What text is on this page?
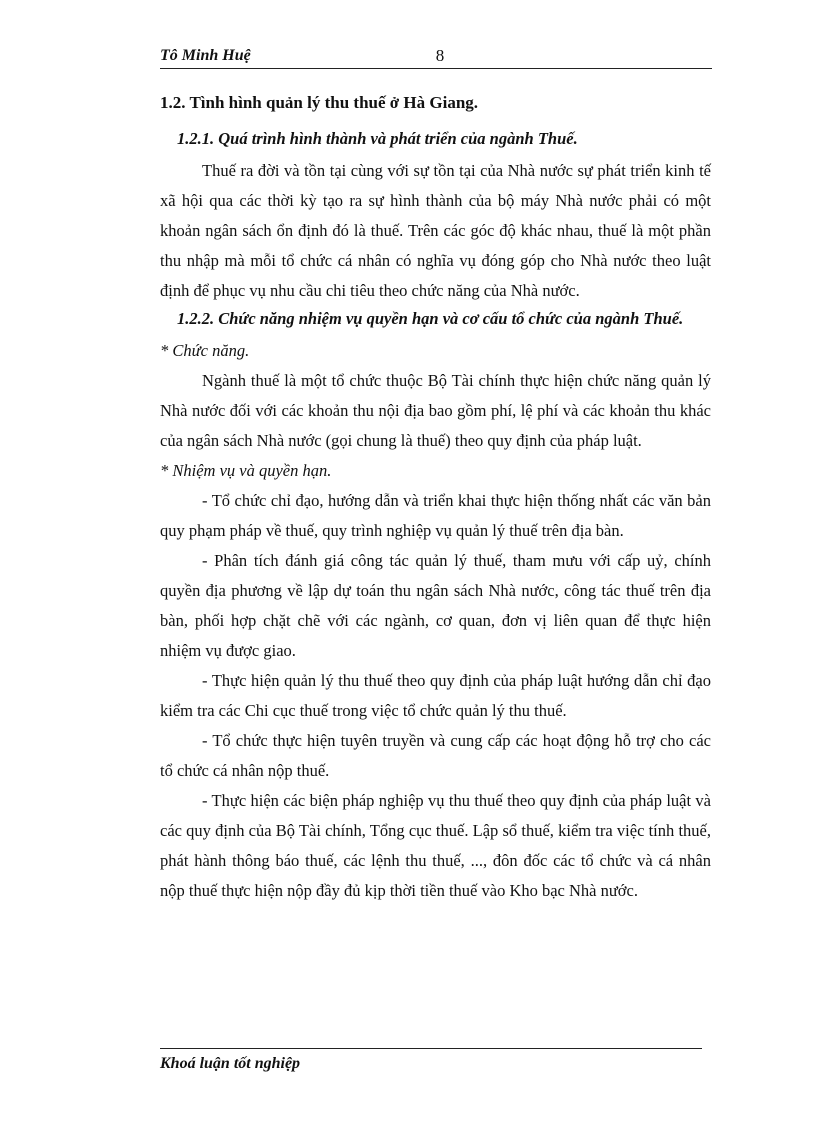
Tô Minh Huệ	8

1.2. Tình hình quản lý thu thuế ở Hà Giang.

1.2.1. Quá trình hình thành và phát triển của ngành Thuế.

Thuế ra đời và tồn tại cùng với sự tồn tại của Nhà nước sự phát triển kinh tế xã hội qua các thời kỳ tạo ra sự hình thành của bộ máy Nhà nước phải có một khoản ngân sách ổn định đó là thuế. Trên các góc độ khác nhau, thuế là một phần thu nhập mà mỗi tổ chức cá nhân có nghĩa vụ đóng góp cho Nhà nước theo luật định để phục vụ nhu cầu chi tiêu theo chức năng của Nhà nước.

1.2.2. Chức năng nhiệm vụ quyền hạn và cơ cấu tổ chức của ngành Thuế.

* Chức năng.

Ngành thuế là một tổ chức thuộc Bộ Tài chính thực hiện chức năng quản lý Nhà nước đối với các khoản thu nội địa bao gồm phí, lệ phí và các khoản thu khác của ngân sách Nhà nước (gọi chung là thuế) theo quy định của pháp luật.

* Nhiệm vụ và quyền hạn.

- Tổ chức chỉ đạo, hướng dẫn và triển khai thực hiện thống nhất các văn bản quy phạm pháp về thuế, quy trình nghiệp vụ quản lý thuế trên địa bàn.

- Phân tích đánh giá công tác quản lý thuế, tham mưu với cấp uỷ, chính quyền địa phương về lập dự toán thu ngân sách Nhà nước, công tác thuế trên địa bàn, phối hợp chặt chẽ với các ngành, cơ quan, đơn vị liên quan để thực hiện nhiệm vụ được giao.

- Thực hiện quản lý thu thuế theo quy định của pháp luật hướng dẫn chỉ đạo kiểm tra các Chi cục thuế trong việc tổ chức quản lý thu thuế.

- Tổ chức thực hiện tuyên truyền và cung cấp các hoạt động hỗ trợ cho các tổ chức cá nhân nộp thuế.

- Thực hiện các biện pháp nghiệp vụ thu thuế theo quy định của pháp luật và các quy định của Bộ Tài chính, Tổng cục thuế. Lập sổ thuế, kiểm tra việc tính thuế, phát hành thông báo thuế, các lệnh thu thuế, ..., đôn đốc các tổ chức và cá nhân nộp thuế thực hiện nộp đầy đủ kịp thời tiền thuế vào Kho bạc Nhà nước.

Khoá luận tốt nghiệp
